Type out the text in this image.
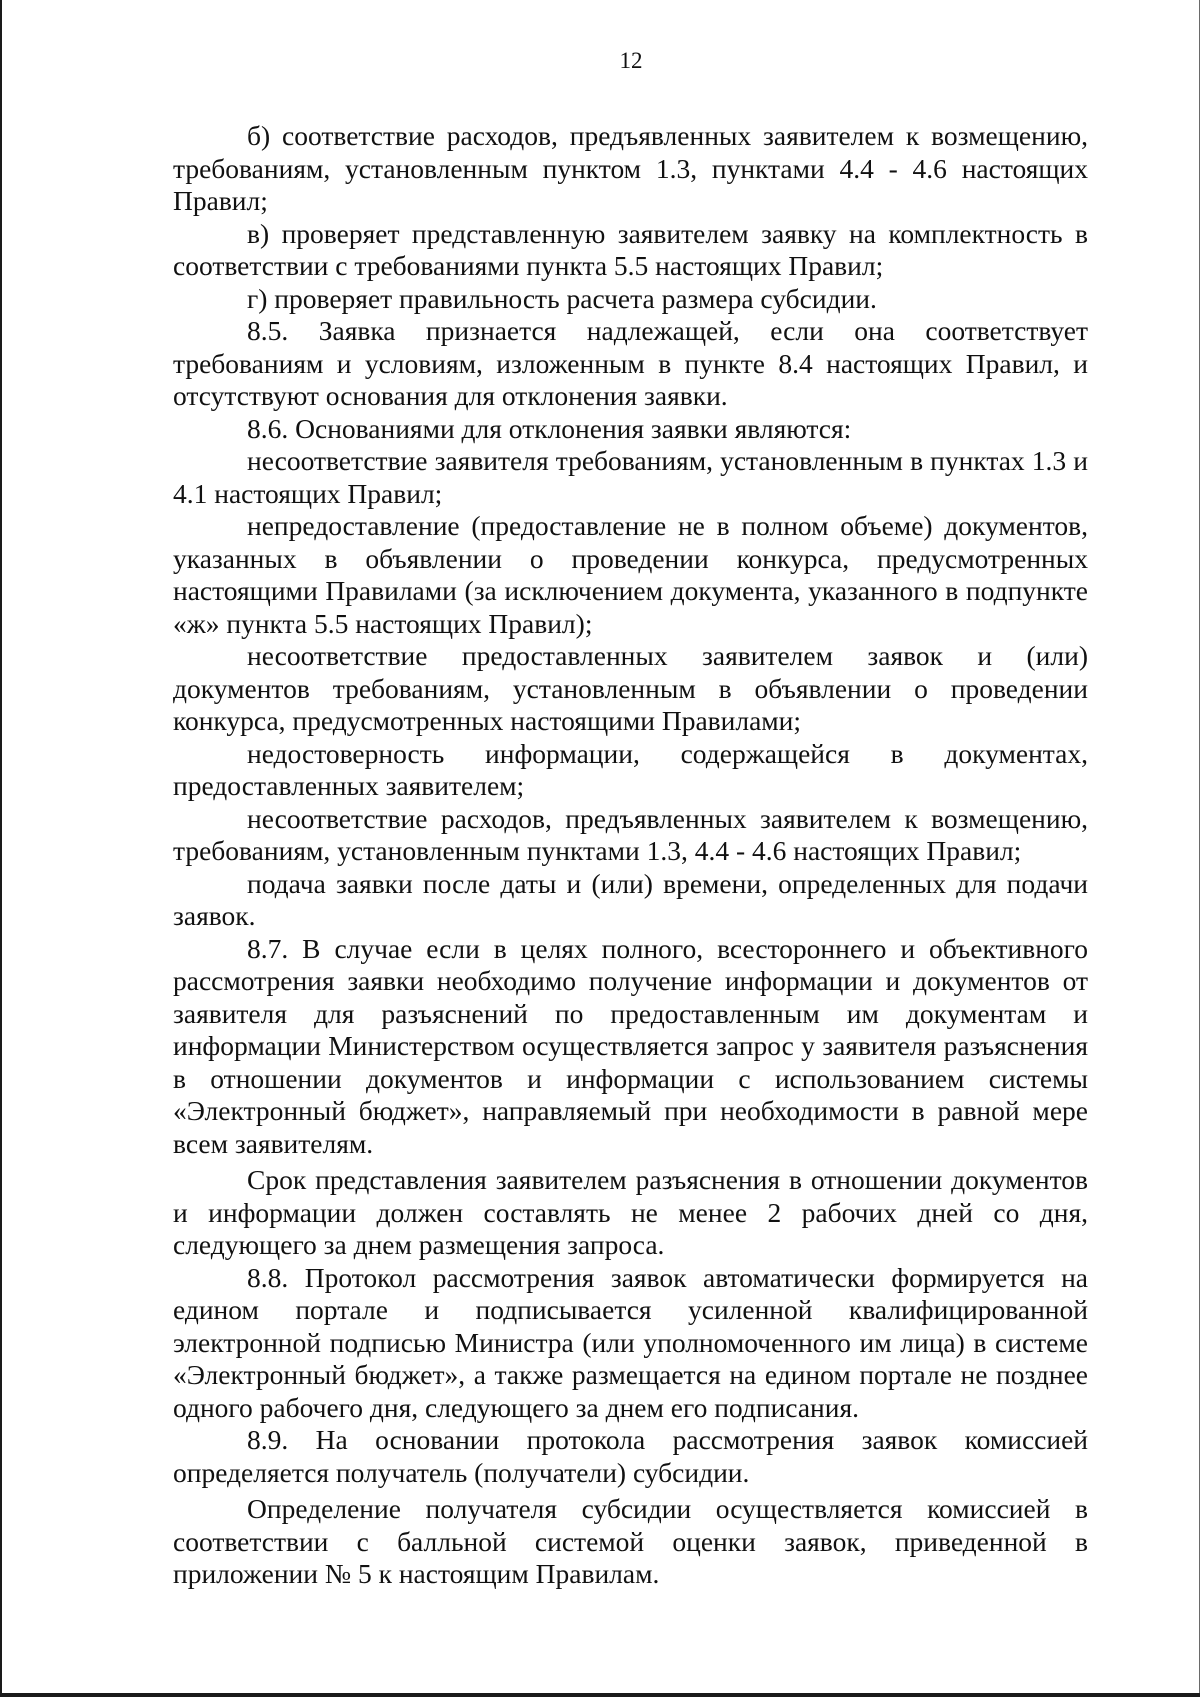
12

б) соответствие расходов, предъявленных заявителем к возмещению, требованиям, установленным пунктом 1.3, пунктами 4.4 - 4.6 настоящих Правил;

в) проверяет представленную заявителем заявку на комплектность в соответствии с требованиями пункта 5.5 настоящих Правил;

г) проверяет правильность расчета размера субсидии.

8.5. Заявка признается надлежащей, если она соответствует требованиям и условиям, изложенным в пункте 8.4 настоящих Правил, и отсутствуют основания для отклонения заявки.

8.6. Основаниями для отклонения заявки являются:

несоответствие заявителя требованиям, установленным в пунктах 1.3 и 4.1 настоящих Правил;

непредоставление (предоставление не в полном объеме) документов, указанных в объявлении о проведении конкурса, предусмотренных настоящими Правилами (за исключением документа, указанного в подпункте «ж» пункта 5.5 настоящих Правил);

несоответствие предоставленных заявителем заявок и (или) документов требованиям, установленным в объявлении о проведении конкурса, предусмотренных настоящими Правилами;

недостоверность информации, содержащейся в документах, предоставленных заявителем;

несоответствие расходов, предъявленных заявителем к возмещению, требованиям, установленным пунктами 1.3, 4.4 - 4.6 настоящих Правил;

подача заявки после даты и (или) времени, определенных для подачи заявок.

8.7. В случае если в целях полного, всестороннего и объективного рассмотрения заявки необходимо получение информации и документов от заявителя для разъяснений по предоставленным им документам и информации Министерством осуществляется запрос у заявителя разъяснения в отношении документов и информации с использованием системы «Электронный бюджет», направляемый при необходимости в равной мере всем заявителям.

Срок представления заявителем разъяснения в отношении документов и информации должен составлять не менее 2 рабочих дней со дня, следующего за днем размещения запроса.

8.8. Протокол рассмотрения заявок автоматически формируется на едином портале и подписывается усиленной квалифицированной электронной подписью Министра (или уполномоченного им лица) в системе «Электронный бюджет», а также размещается на едином портале не позднее одного рабочего дня, следующего за днем его подписания.

8.9. На основании протокола рассмотрения заявок комиссией определяется получатель (получатели) субсидии.

Определение получателя субсидии осуществляется комиссией в соответствии с балльной системой оценки заявок, приведенной в приложении № 5 к настоящим Правилам.
